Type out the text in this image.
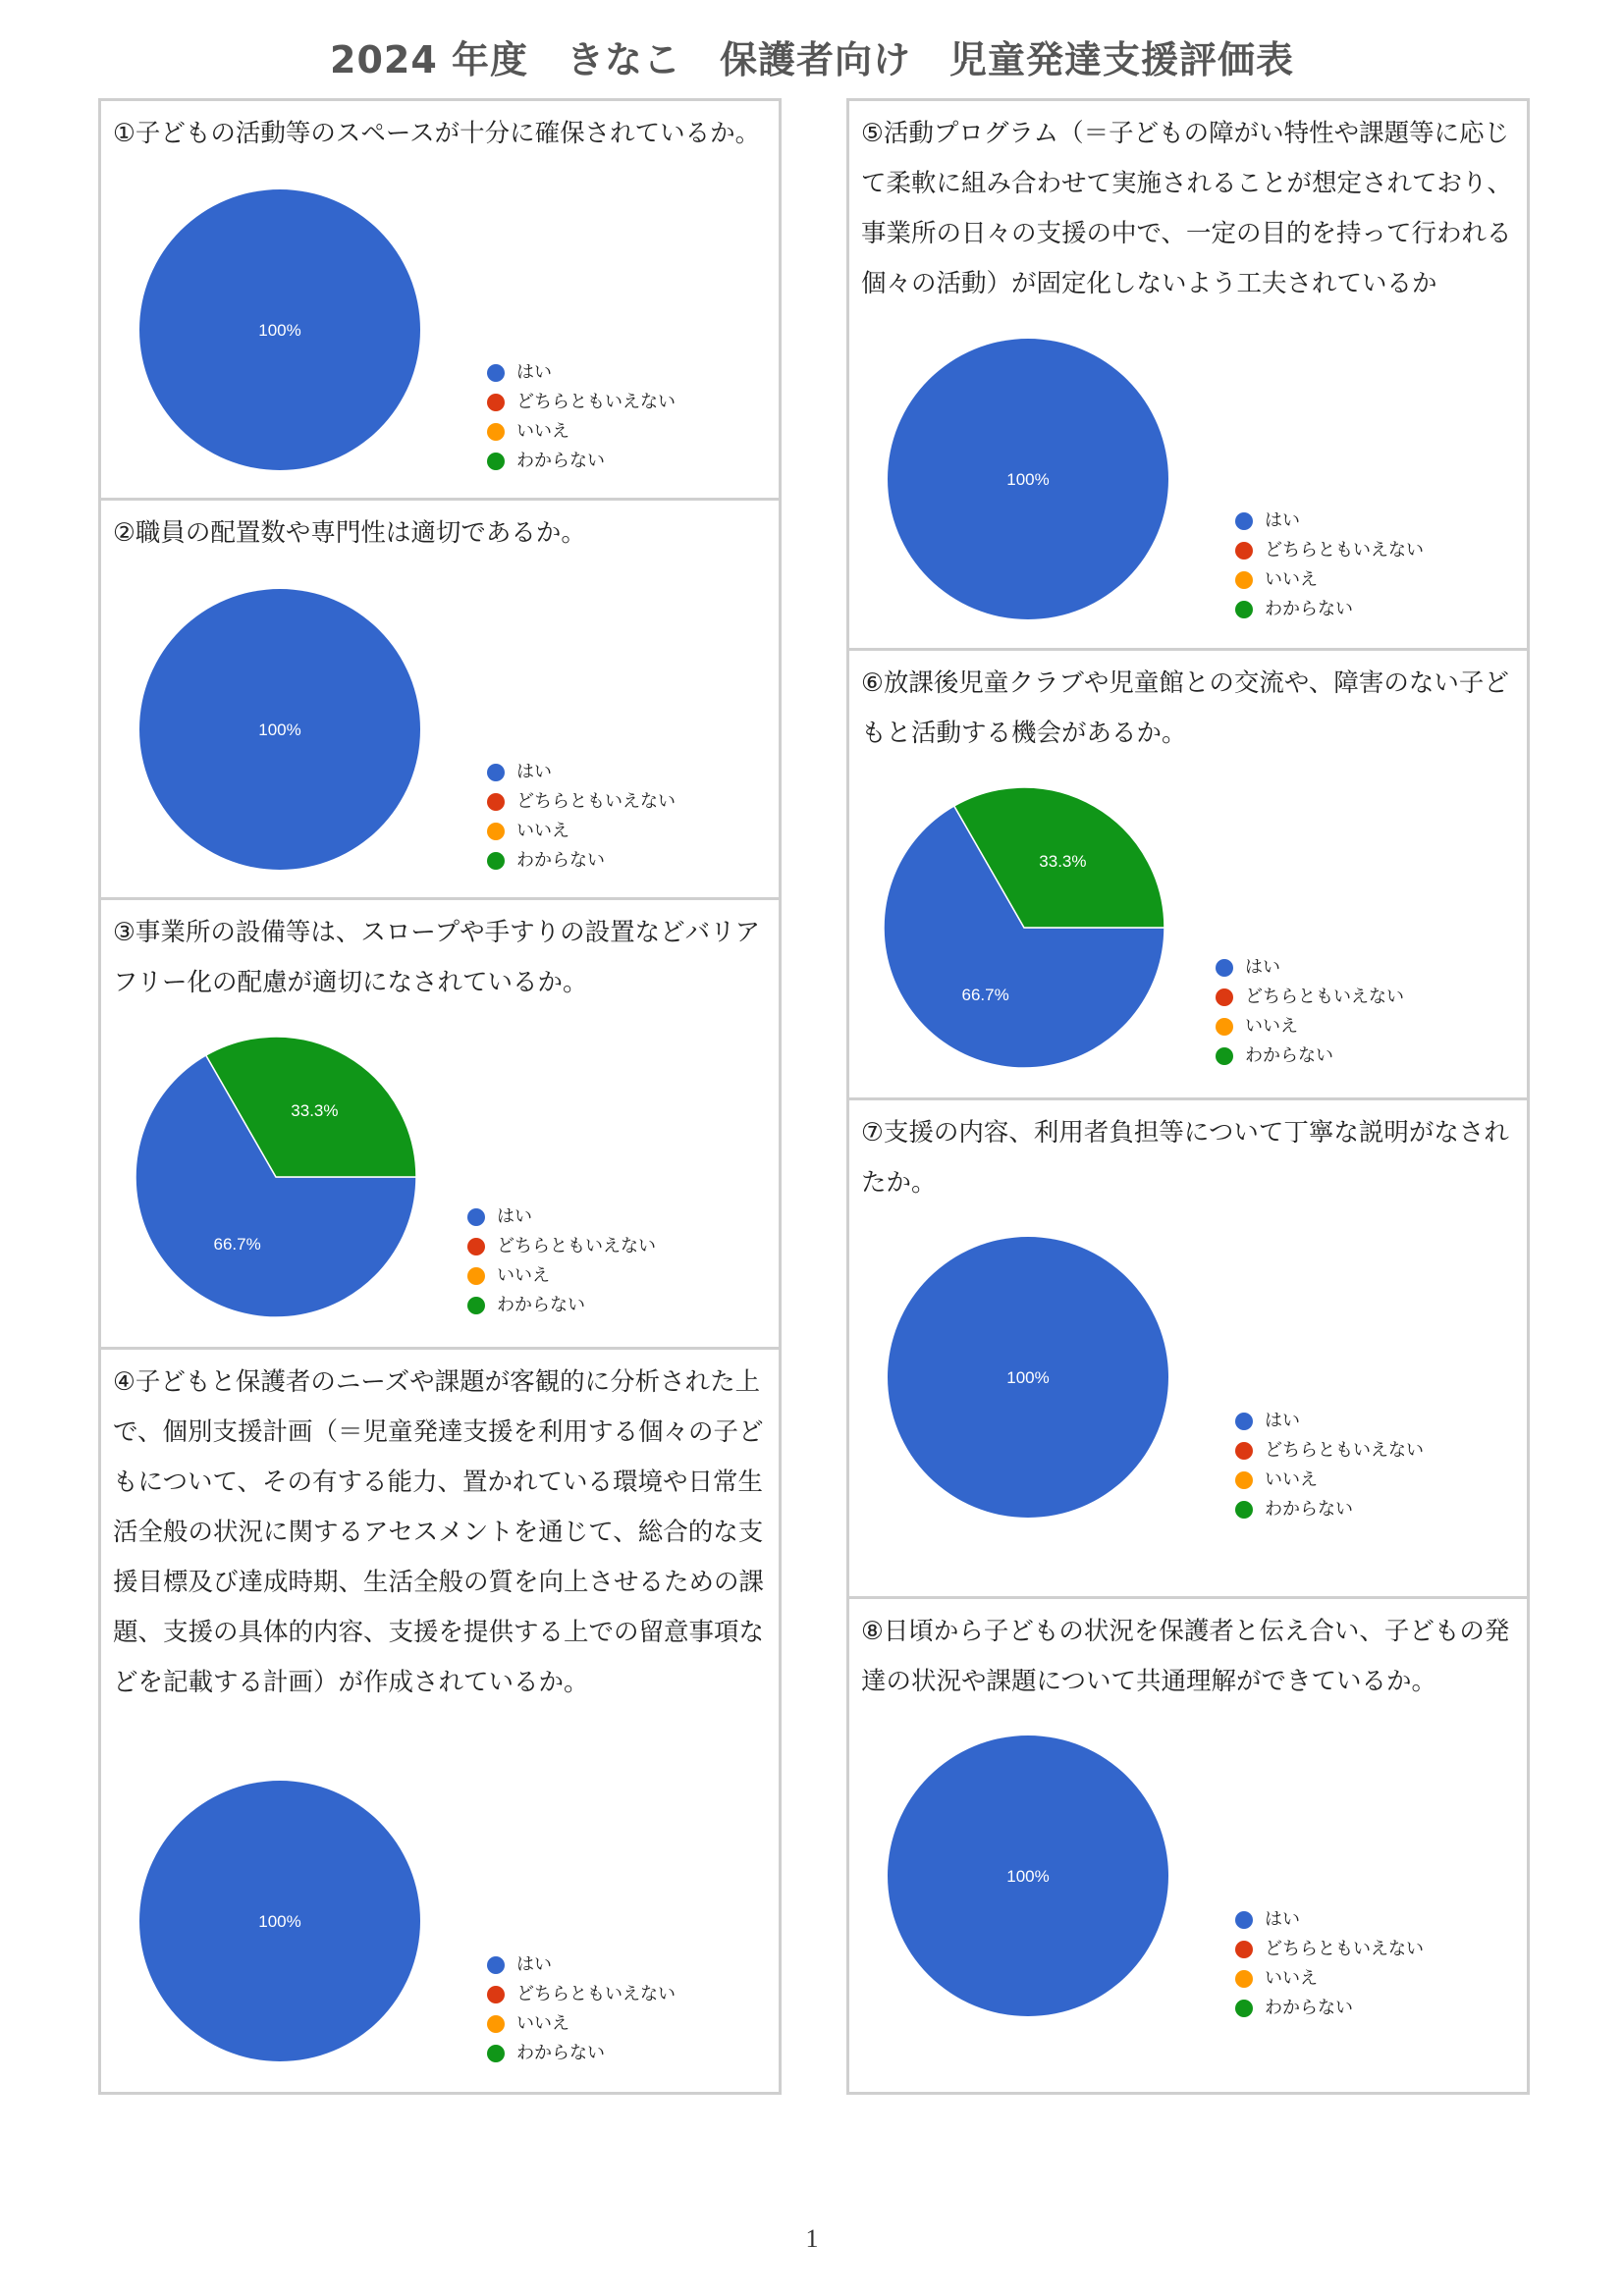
2024 年度　きなこ　保護者向け　児童発達支援評価表

①子どもの活動等のスペースが十分に確保されているか。

100%
はい
どちらともいえない
いいえ
わからない

②職員の配置数や専門性は適切であるか。

100%
はい
どちらともいえない
いいえ
わからない

③事業所の設備等は、スロープや手すりの設置などバリアフリー化の配慮が適切になされているか。

66.7%
33.3%
はい
どちらともいえない
いいえ
わからない

④子どもと保護者のニーズや課題が客観的に分析された上で、個別支援計画（＝児童発達支援を利用する個々の子どもについて、その有する能力、置かれている環境や日常生活全般の状況に関するアセスメントを通じて、総合的な支援目標及び達成時期、生活全般の質を向上させるための課題、支援の具体的内容、支援を提供する上での留意事項などを記載する計画）が作成されているか。

100%
はい
どちらともいえない
いいえ
わからない

⑤活動プログラム（＝子どもの障がい特性や課題等に応じて柔軟に組み合わせて実施されることが想定されており、事業所の日々の支援の中で、一定の目的を持って行われる個々の活動）が固定化しないよう工夫されているか

100%
はい
どちらともいえない
いいえ
わからない

⑥放課後児童クラブや児童館との交流や、障害のない子どもと活動する機会があるか。

66.7%
33.3%
はい
どちらともいえない
いいえ
わからない

⑦支援の内容、利用者負担等について丁寧な説明がなされたか。

100%
はい
どちらともいえない
いいえ
わからない

⑧日頃から子どもの状況を保護者と伝え合い、子どもの発達の状況や課題について共通理解ができているか。

100%
はい
どちらともいえない
いいえ
わからない
1
